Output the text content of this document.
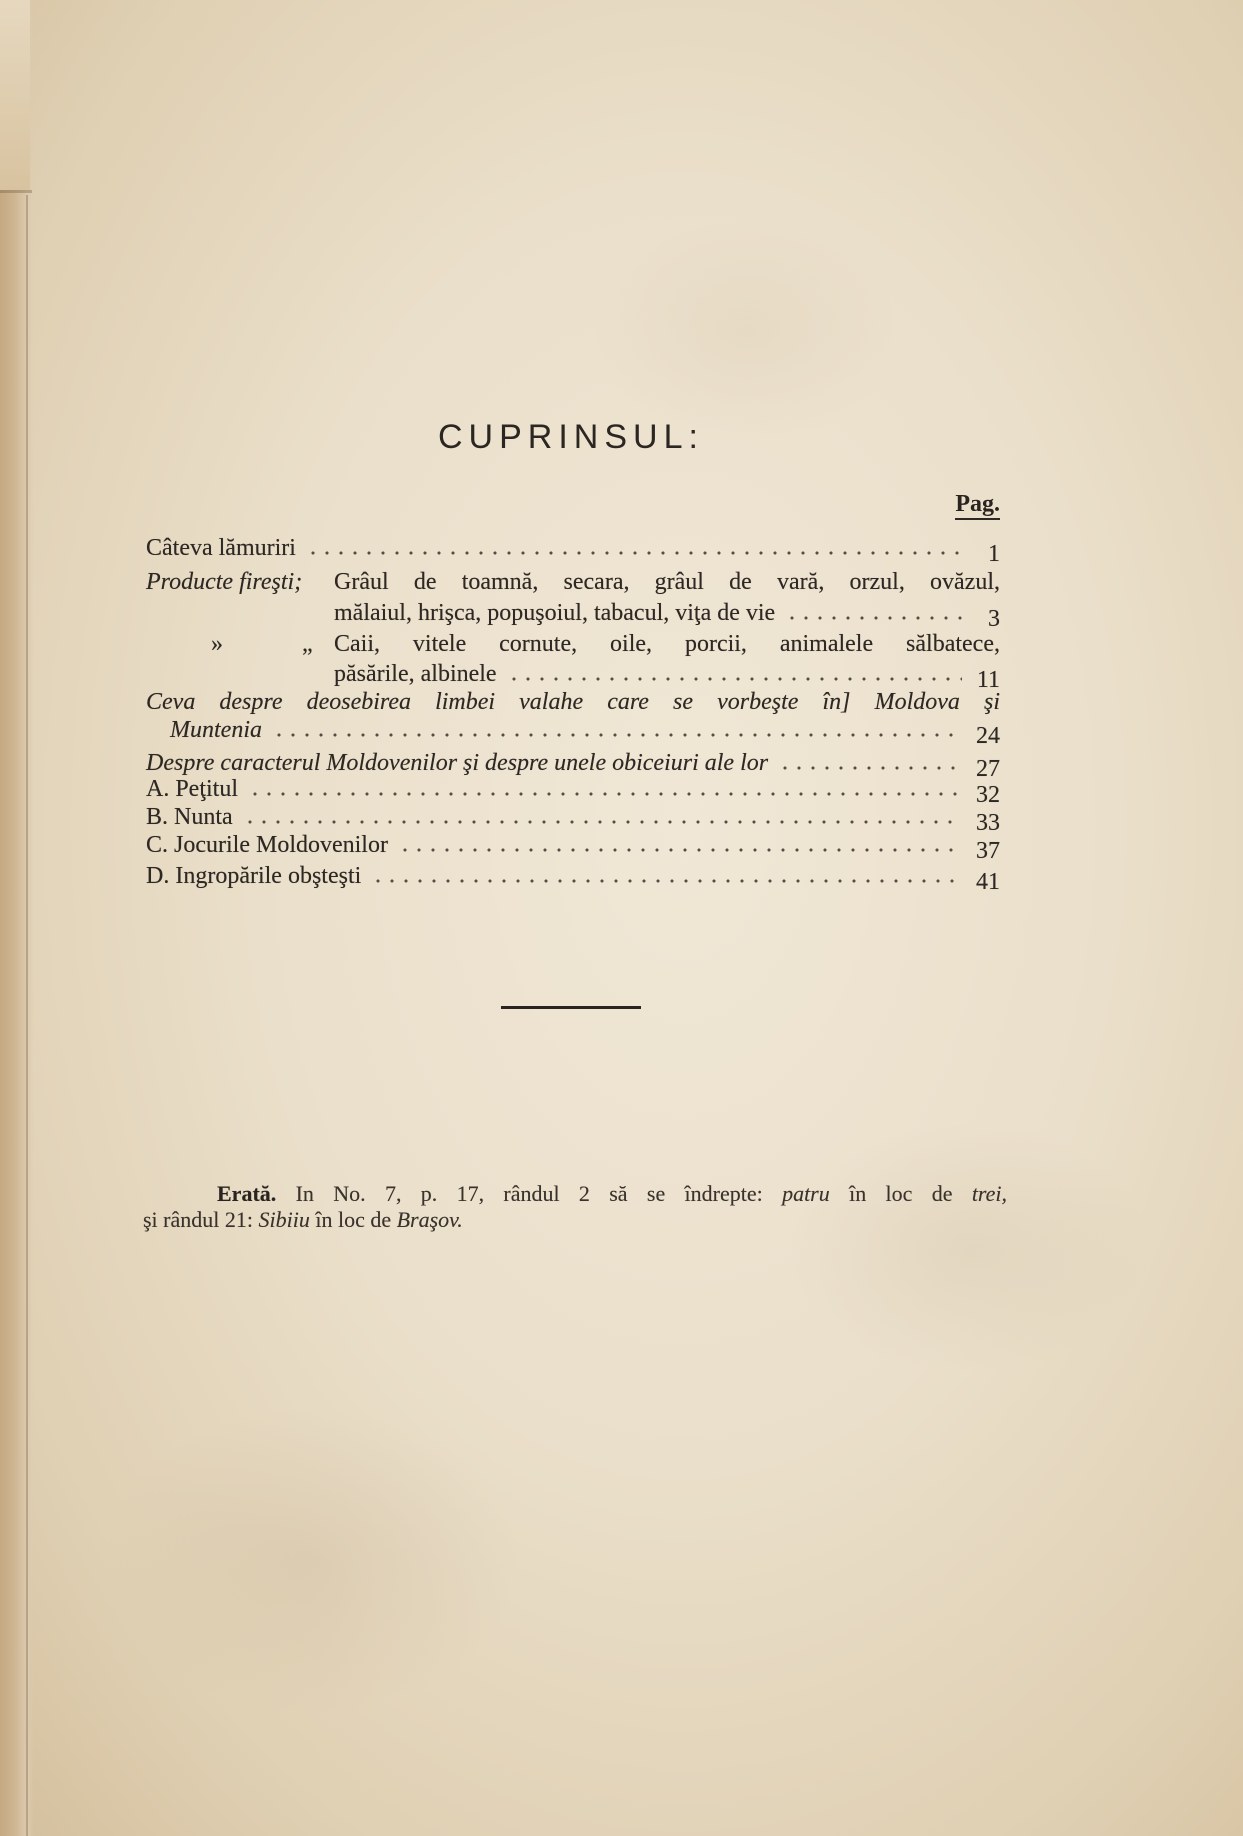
CUPRINSUL:
Pag.
Câteva lămuriri	1
Producte fireşti; Grâul de toamnă, secara, grâul de vară, orzul, ovăzul,
mălaiul, hrişca, popuşoiul, tabacul, viţa de vie	3
»	„ Caii, vitele cornute, oile, porcii, animalele sălbatece,
păsările, albinele	11
Ceva despre deosebirea limbei valahe care se vorbeşte în] Moldova şi
Muntenia	24
Despre caracterul Moldovenilor şi despre unele obiceiuri ale lor	27
A. Peţitul	32
B. Nunta	33
C. Jocurile Moldovenilor	37
D. Ingropările obşteşti	41
Erată. In No. 7, p. 17, rândul 2 să se îndrepte: patru în loc de trei,
şi rândul 21: Sibiiu în loc de Braşov.
